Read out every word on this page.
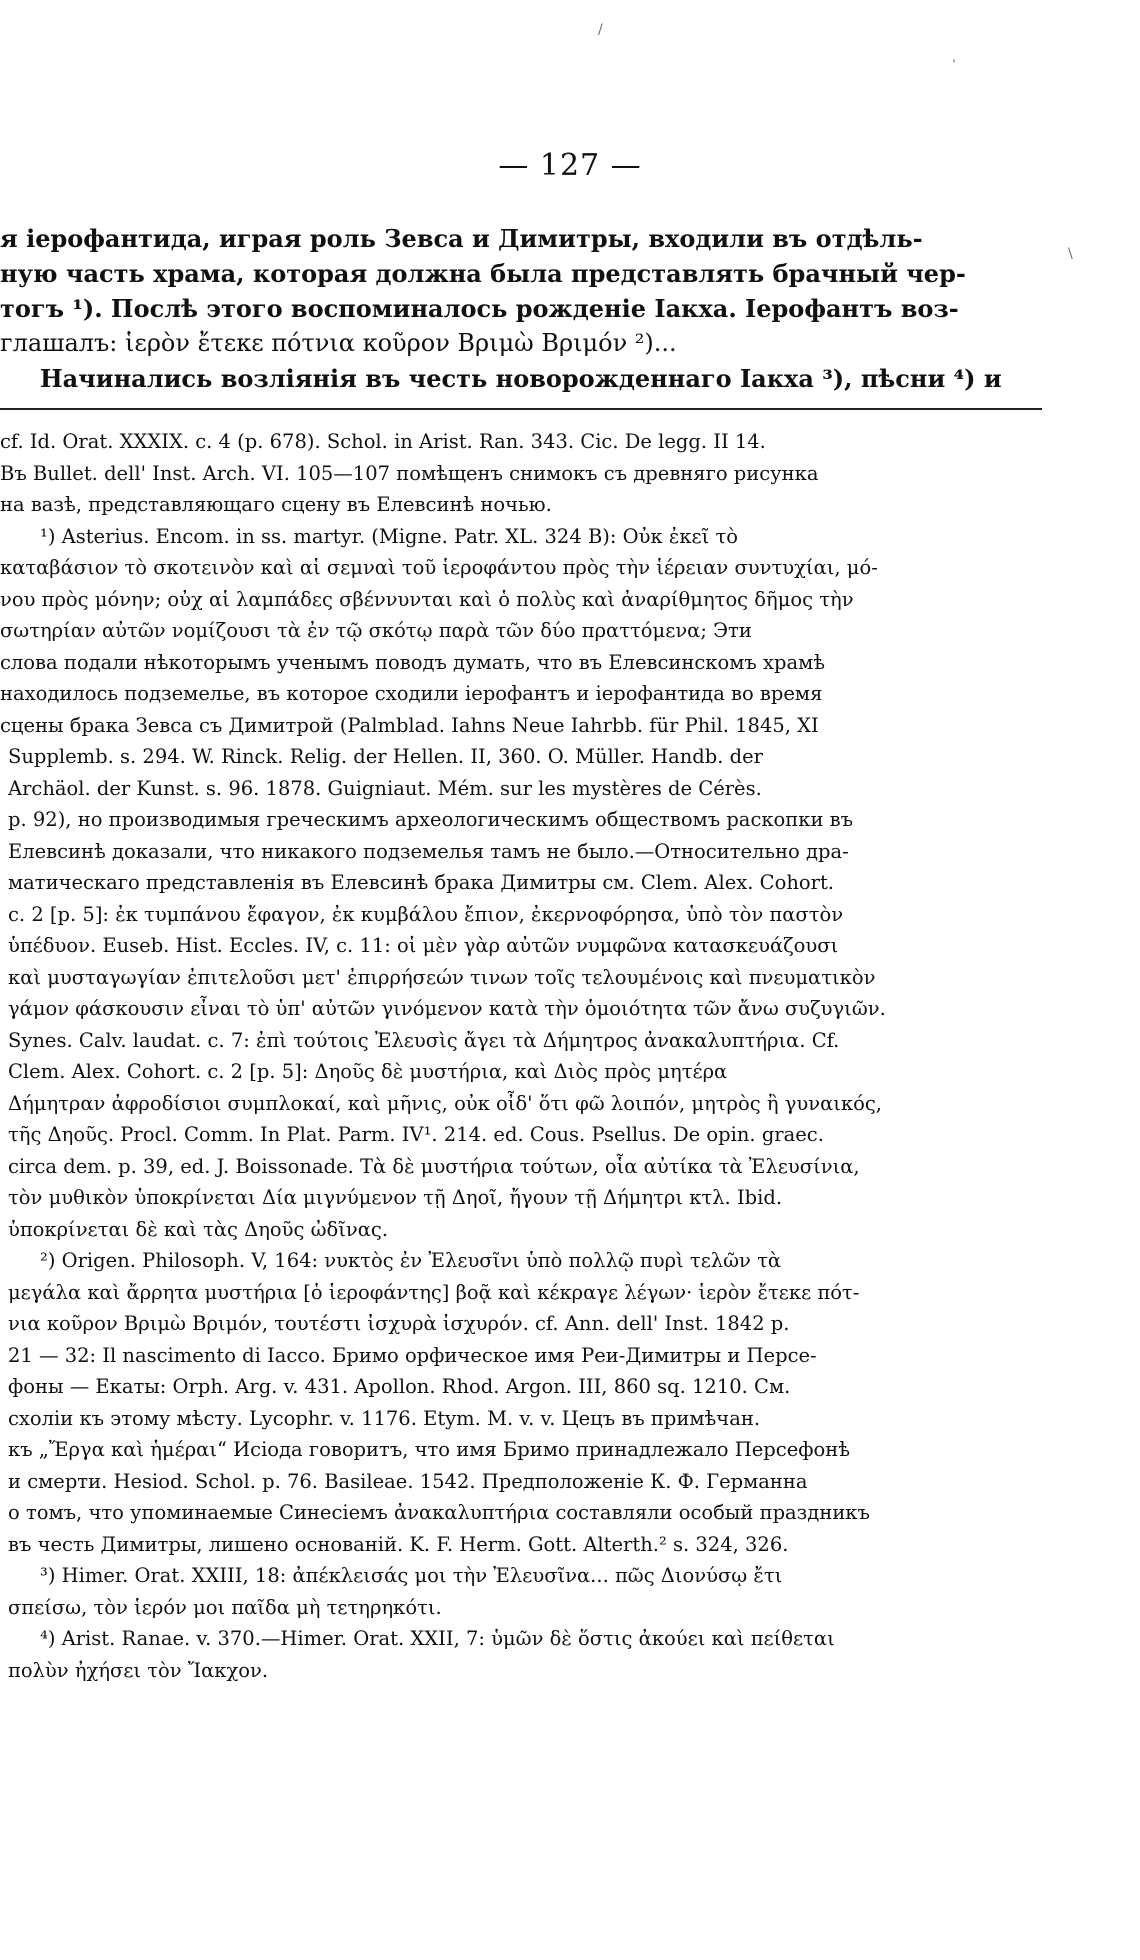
— 127 —
я іерофантида, играя роль Зевса и Димитры, входили въ отдѣль-
ную часть храма, которая должна была представлять брачный чер-
тогъ ¹). Послѣ этого воспоминалось рожденіе Іакха. Іерофантъ воз-
глашалъ: ἱερὸν ἔτεκε πότνια κοῦρον Βριμὼ Βριμόν ²)...
Начинались возліянія въ честь новорожденнаго Іакха ³), пѣсни ⁴) и
cf. Id. Orat. XXXIX. c. 4 (p. 678). Schol. in Arist. Ran. 343. Cic. De legg. II 14.
Въ Bullet. dell' Inst. Arch. VI. 105—107 помѣщенъ снимокъ съ древняго рисунка
на вазѣ, представляющаго сцену въ Елевсинѣ ночью.
¹) Asterius. Encom. in ss. martyr. (Migne. Patr. XL. 324 B): Οὐκ ἐκεῖ τὸ
καταβάσιον τὸ σκοτεινὸν καὶ αἱ σεμναὶ τοῦ ἱεροφάντου πρὸς τὴν ἱέρειαν συντυχίαι, μό-
νου πρὸς μόνην; οὐχ αἱ λαμπάδες σβέννυνται καὶ ὁ πολὺς καὶ ἀναρίθμητος δῆμος τὴν
σωτηρίαν αὐτῶν νομίζουσι τὰ ἐν τῷ σκότῳ παρὰ τῶν δύο πραττόμενα; Эти
слова подали нѣкоторымъ ученымъ поводъ думать, что въ Елевсинскомъ храмѣ
находилось подземелье, въ которое сходили іерофантъ и іерофантида во время
сцены брака Зевса съ Димитрой (Palmblad. Iahns Neue Iahrbb. für Phil. 1845, XI
Supplemb. s. 294. W. Rinck. Relig. der Hellen. II, 360. O. Müller. Handb. der
Archäol. der Kunst. s. 96. 1878. Guigniaut. Mém. sur les mystères de Cérès.
p. 92), но производимыя греческимъ археологическимъ обществомъ раскопки въ
Елевсинѣ доказали, что никакого подземелья тамъ не было.—Относительно дра-
матическаго представленія въ Елевсинѣ брака Димитры см. Clem. Alex. Cohort.
c. 2 [p. 5]: ἐκ τυμπάνου ἔφαγον, ἐκ κυμβάλου ἔπιον, ἐκερνοφόρησα, ὑπὸ τὸν παστὸν
ὑπέδυον. Euseb. Hist. Eccles. IV, c. 11: οἱ μὲν γὰρ αὐτῶν νυμφῶνα κατασκευάζουσι
καὶ μυσταγωγίαν ἐπιτελοῦσι μετ' ἐπιρρήσεών τινων τοῖς τελουμένοις καὶ πνευματικὸν
γάμον φάσκουσιν εἶναι τὸ ὑπ' αὐτῶν γινόμενον κατὰ τὴν ὁμοιότητα τῶν ἄνω συζυγιῶν.
Synes. Calv. laudat. c. 7: ἐπὶ τούτοις Ἐλευσὶς ἄγει τὰ Δήμητρος ἀνακαλυπτήρια. Cf.
Clem. Alex. Cohort. c. 2 [p. 5]: Δηοῦς δὲ μυστήρια, καὶ Διὸς πρὸς μητέρα
Δήμητραν ἀφροδίσιοι συμπλοκαί, καὶ μῆνις, οὐκ οἶδ' ὅτι φῶ λοιπόν, μητρὸς ἢ γυναικός,
τῆς Δηοῦς. Procl. Comm. In Plat. Parm. IV¹. 214. ed. Cous. Psellus. De opin. graec.
circa dem. p. 39, ed. J. Boissonade. Τὰ δὲ μυστήρια τούτων, οἷα αὐτίκα τὰ Ἐλευσίνια,
τὸν μυθικὸν ὑποκρίνεται Δία μιγνύμενον τῇ Δηοῖ, ἤγουν τῇ Δήμητρι κτλ. Ibid.
ὑποκρίνεται δὲ καὶ τὰς Δηοῦς ὠδῖνας.
²) Origen. Philosoph. V, 164: νυκτὸς ἐν Ἐλευσῖνι ὑπὸ πολλῷ πυρὶ τελῶν τὰ
μεγάλα καὶ ἄρρητα μυστήρια [ὁ ἱεροφάντης] βοᾷ καὶ κέκραγε λέγων· ἱερὸν ἔτεκε πότ-
νια κοῦρον Βριμὼ Βριμόν, τουτέστι ἰσχυρὰ ἰσχυρόν. cf. Ann. dell' Inst. 1842 p.
21 — 32: Il nascimento di Iacco. Бримо орфическое имя Реи-Димитры и Персе-
фоны — Екаты: Orph. Arg. v. 431. Apollon. Rhod. Argon. III, 860 sq. 1210. См.
схоліи къ этому мѣсту. Lycophr. v. 1176. Etym. M. v. v. Цецъ въ примѣчан.
къ „Ἔργα καὶ ἡμέραι“ Исіода говоритъ, что имя Бримо принадлежало Персефонѣ
и смерти. Hesiod. Schol. p. 76. Basileae. 1542. Предположеніе К. Ф. Германна
о томъ, что упоминаемые Синесіемъ ἀνακαλυπτήρια составляли особый праздникъ
въ честь Димитры, лишено основаній. K. F. Herm. Gott. Alterth.² s. 324, 326.
³) Himer. Orat. XXIII, 18: ἀπέκλεισάς μοι τὴν Ἐλευσῖνα... πῶς Διονύσῳ ἔτι
σπείσω, τὸν ἱερόν μοι παῖδα μὴ τετηρηκότι.
⁴) Arist. Ranae. v. 370.—Himer. Orat. XXII, 7: ὑμῶν δὲ ὅστις ἀκούει καὶ πείθεται
πολὺν ἠχήσει τὸν Ἴακχον.
/
ˈ
\
